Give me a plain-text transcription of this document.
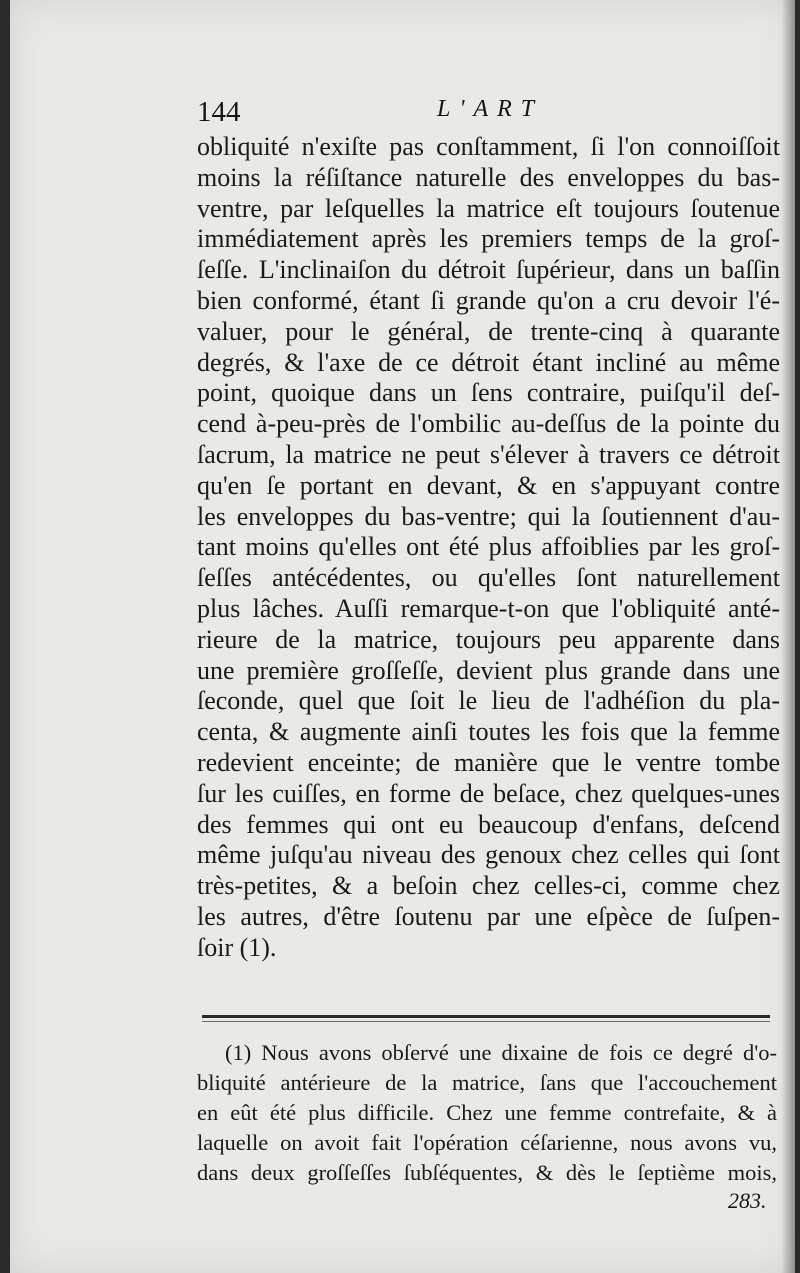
144	L'ART
obliquité n'exiſte pas conſtamment, ſi l'on connoiſſoit
moins la réſiſtance naturelle des enveloppes du bas-
ventre, par leſquelles la matrice eſt toujours ſoutenue
immédiatement après les premiers temps de la groſ-
ſeſſe. L'inclinaiſon du détroit ſupérieur, dans un baſſin
bien conformé, étant ſi grande qu'on a cru devoir l'é-
valuer, pour le général, de trente-cinq à quarante
degrés, & l'axe de ce détroit étant incliné au même
point, quoique dans un ſens contraire, puiſqu'il deſ-
cend à-peu-près de l'ombilic au-deſſus de la pointe du
ſacrum, la matrice ne peut s'élever à travers ce détroit
qu'en ſe portant en devant, & en s'appuyant contre
les enveloppes du bas-ventre; qui la ſoutiennent d'au-
tant moins qu'elles ont été plus affoiblies par les groſ-
ſeſſes antécédentes, ou qu'elles ſont naturellement
plus lâches. Auſſi remarque-t-on que l'obliquité anté-
rieure de la matrice, toujours peu apparente dans
une première groſſeſſe, devient plus grande dans une
ſeconde, quel que ſoit le lieu de l'adhéſion du pla-
centa, & augmente ainſi toutes les fois que la femme
redevient enceinte; de manière que le ventre tombe
ſur les cuiſſes, en forme de beſace, chez quelques-unes
des femmes qui ont eu beaucoup d'enfans, deſcend
même juſqu'au niveau des genoux chez celles qui ſont
très-petites, & a beſoin chez celles-ci, comme chez
les autres, d'être ſoutenu par une eſpèce de ſuſpen-
ſoir (1).
(1) Nous avons obſervé une dixaine de fois ce degré d'o-
bliquité antérieure de la matrice, ſans que l'accouchement
en eût été plus difficile. Chez une femme contrefaite, & à
laquelle on avoit fait l'opération céſarienne, nous avons vu,
dans deux groſſeſſes ſubſéquentes, & dès le ſeptième mois,
283.
